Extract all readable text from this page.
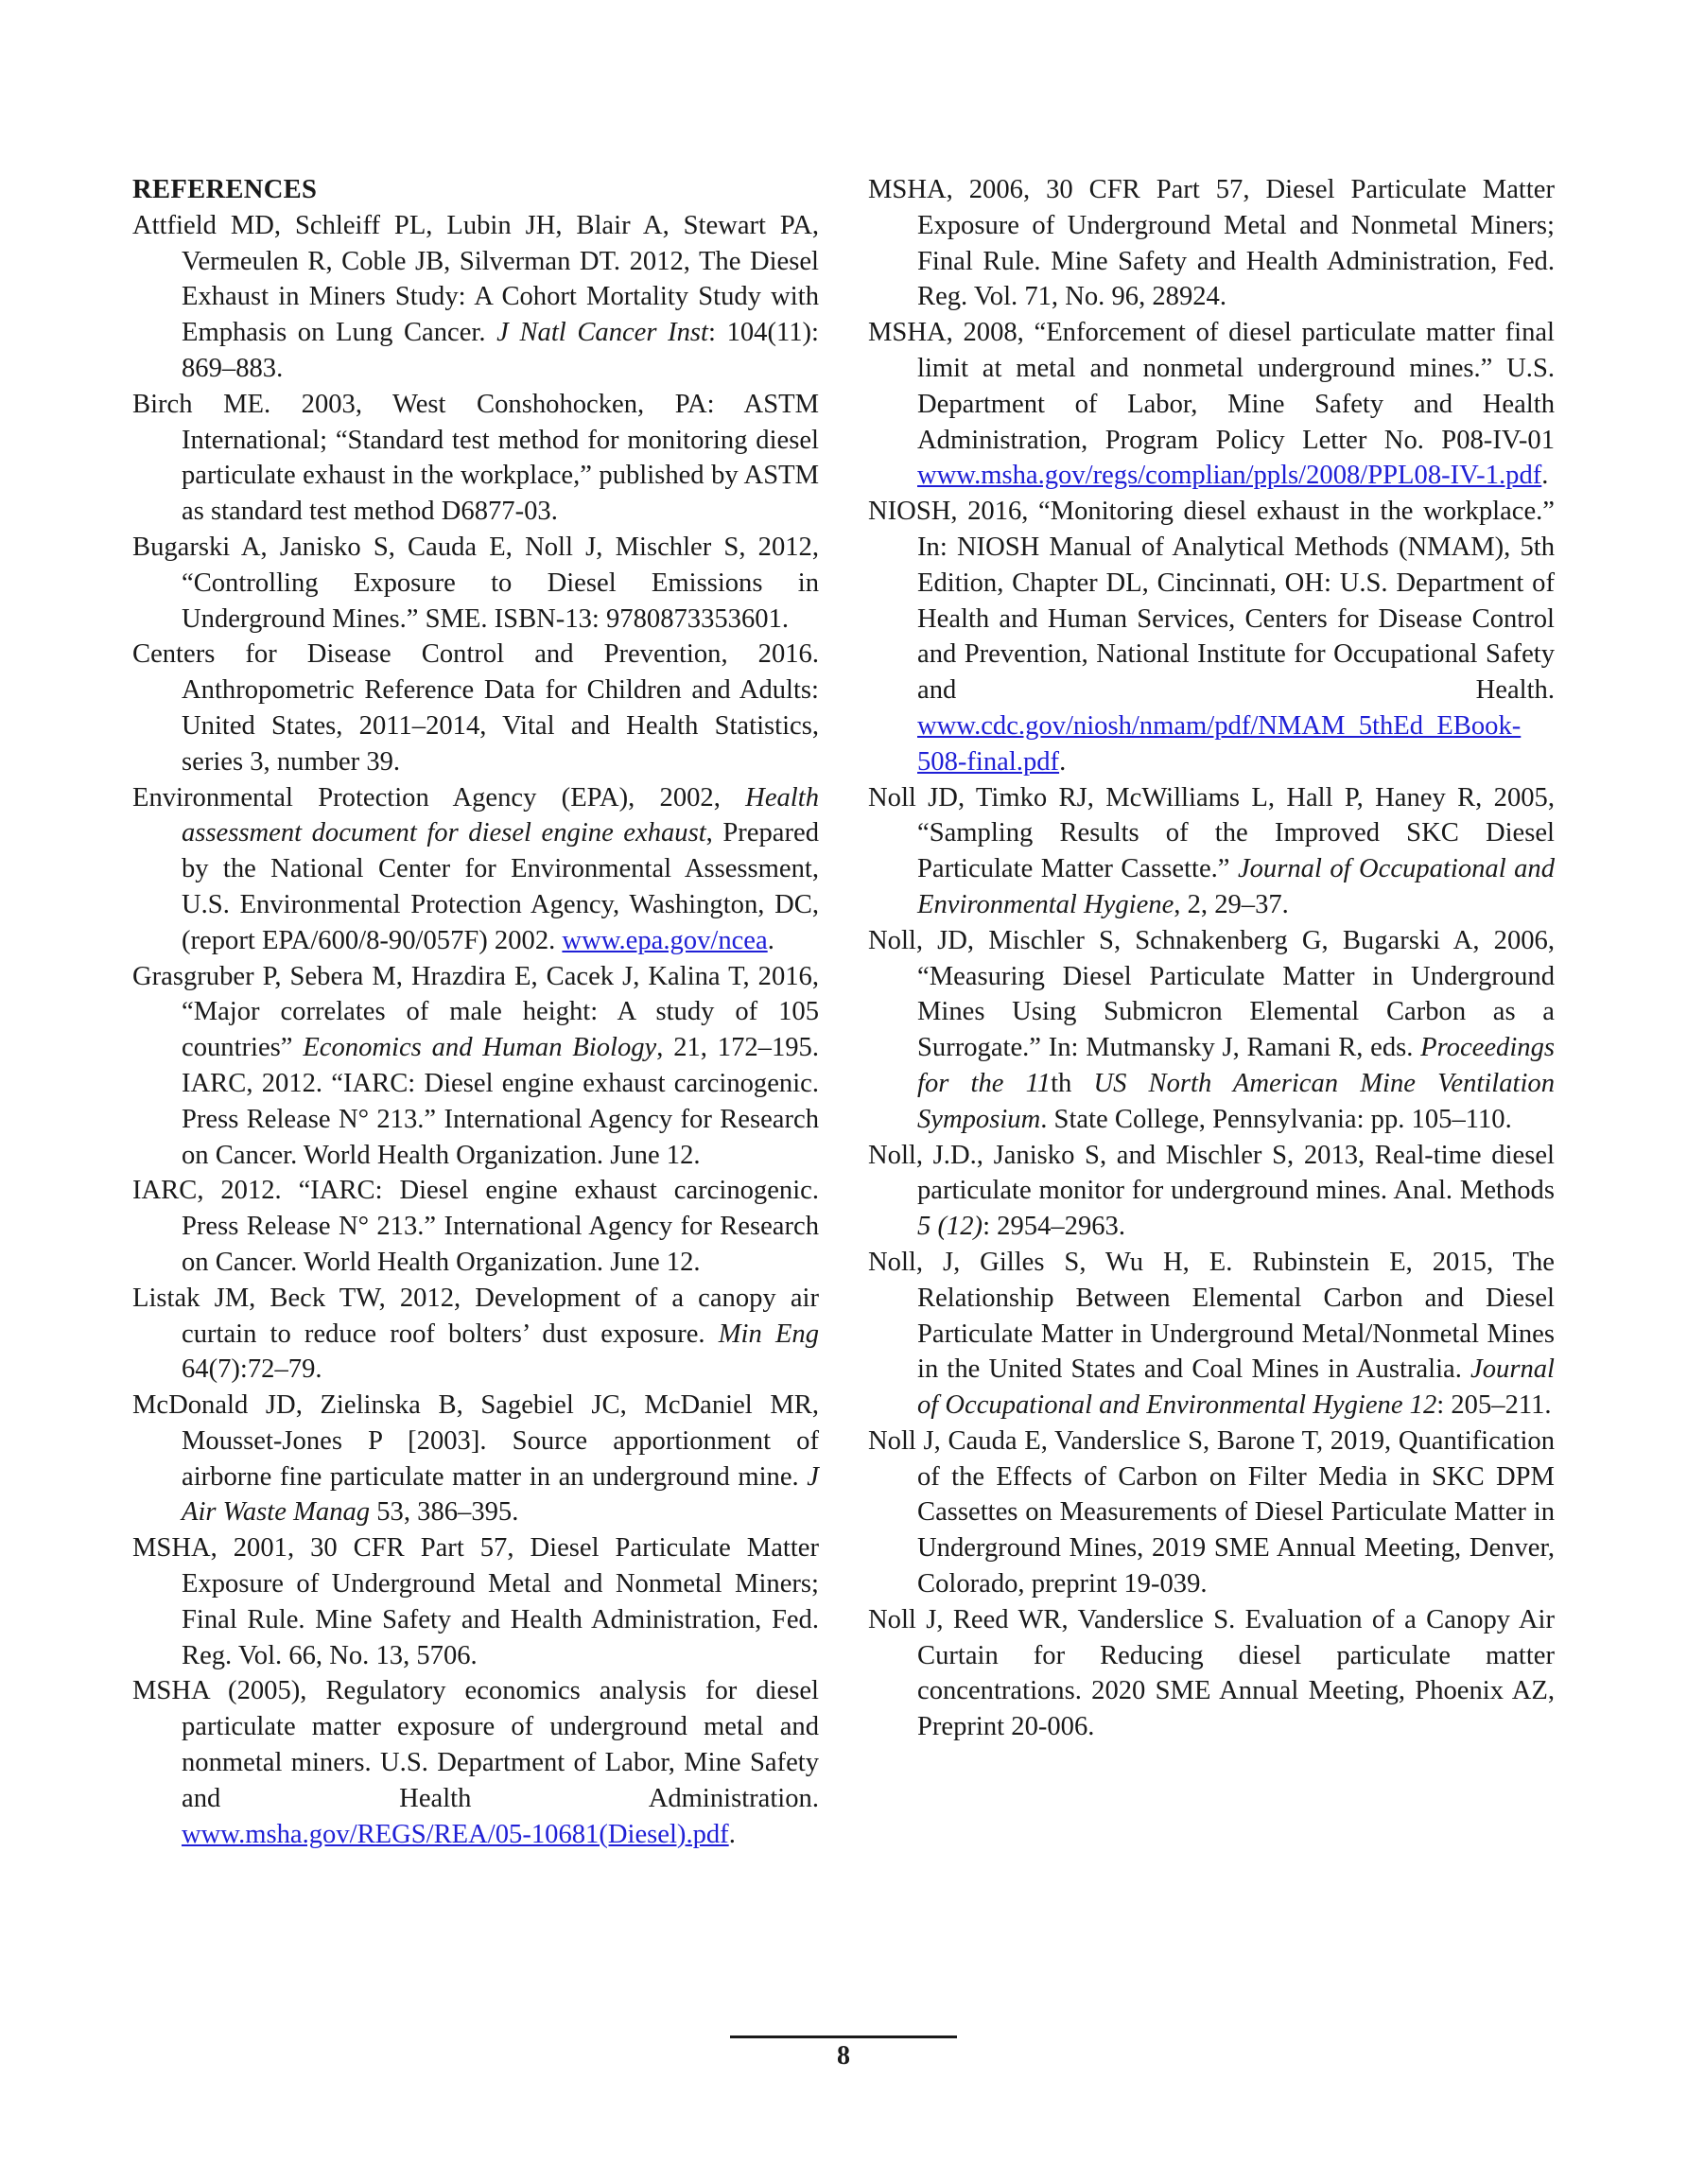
REFERENCES

Attfield MD, Schleiff PL, Lubin JH, Blair A, Stewart PA, Vermeulen R, Coble JB, Silverman DT. 2012, The Diesel Exhaust in Miners Study: A Cohort Mortality Study with Emphasis on Lung Cancer. J Natl Cancer Inst: 104(11): 869–883.

Birch ME. 2003, West Conshohocken, PA: ASTM International; “Standard test method for monitoring diesel particulate exhaust in the workplace,” published by ASTM as standard test method D6877-03.

Bugarski A, Janisko S, Cauda E, Noll J, Mischler S, 2012, “Controlling Exposure to Diesel Emissions in Underground Mines.” SME. ISBN-13: 9780873353601.

Centers for Disease Control and Prevention, 2016. Anthropometric Reference Data for Children and Adults: United States, 2011–2014, Vital and Health Statistics, series 3, number 39.

Environmental Protection Agency (EPA), 2002, Health assessment document for diesel engine exhaust, Prepared by the National Center for Environmental Assessment, U.S. Environmental Protection Agency, Washington, DC, (report EPA/600/8-90/057F) 2002. www.epa.gov/ncea.

Grasgruber P, Sebera M, Hrazdira E, Cacek J, Kalina T, 2016, “Major correlates of male height: A study of 105 countries” Economics and Human Biology, 21, 172–195. IARC, 2012. “IARC: Diesel engine exhaust carcinogenic. Press Release N° 213.” International Agency for Research on Cancer. World Health Organization. June 12.

IARC, 2012. “IARC: Diesel engine exhaust carcinogenic. Press Release N° 213.” International Agency for Research on Cancer. World Health Organization. June 12.

Listak JM, Beck TW, 2012, Development of a canopy air curtain to reduce roof bolters’ dust exposure. Min Eng 64(7):72–79.

McDonald JD, Zielinska B, Sagebiel JC, McDaniel MR, Mousset-Jones P [2003]. Source apportionment of airborne fine particulate matter in an underground mine. J Air Waste Manag 53, 386–395.

MSHA, 2001, 30 CFR Part 57, Diesel Particulate Matter Exposure of Underground Metal and Nonmetal Miners; Final Rule. Mine Safety and Health Administration, Fed. Reg. Vol. 66, No. 13, 5706.

MSHA (2005), Regulatory economics analysis for diesel particulate matter exposure of underground metal and nonmetal miners. U.S. Department of Labor, Mine Safety and Health Administration. www.msha.gov/REGS/REA/05-10681(Diesel).pdf.

MSHA, 2006, 30 CFR Part 57, Diesel Particulate Matter Exposure of Underground Metal and Nonmetal Miners; Final Rule. Mine Safety and Health Administration, Fed. Reg. Vol. 71, No. 96, 28924.

MSHA, 2008, “Enforcement of diesel particulate matter final limit at metal and nonmetal underground mines.” U.S. Department of Labor, Mine Safety and Health Administration, Program Policy Letter No. P08-IV-01 www.msha.gov/regs/complian/ppls/2008/PPL08-IV-1.pdf.

NIOSH, 2016, “Monitoring diesel exhaust in the workplace.” In: NIOSH Manual of Analytical Methods (NMAM), 5th Edition, Chapter DL, Cincinnati, OH: U.S. Department of Health and Human Services, Centers for Disease Control and Prevention, National Institute for Occupational Safety and Health. www.cdc.gov/niosh/nmam/pdf/NMAM_5thEd_EBook-508-final.pdf.

Noll JD, Timko RJ, McWilliams L, Hall P, Haney R, 2005, “Sampling Results of the Improved SKC Diesel Particulate Matter Cassette.” Journal of Occupational and Environmental Hygiene, 2, 29–37.

Noll, JD, Mischler S, Schnakenberg G, Bugarski A, 2006, “Measuring Diesel Particulate Matter in Underground Mines Using Submicron Elemental Carbon as a Surrogate.” In: Mutmansky J, Ramani R, eds. Proceedings for the 11th US North American Mine Ventilation Symposium. State College, Pennsylvania: pp. 105–110.

Noll, J.D., Janisko S, and Mischler S, 2013, Real-time diesel particulate monitor for underground mines. Anal. Methods 5 (12): 2954–2963.

Noll, J, Gilles S, Wu H, E. Rubinstein E, 2015, The Relationship Between Elemental Carbon and Diesel Particulate Matter in Underground Metal/Nonmetal Mines in the United States and Coal Mines in Australia. Journal of Occupational and Environmental Hygiene 12: 205–211.

Noll J, Cauda E, Vanderslice S, Barone T, 2019, Quantification of the Effects of Carbon on Filter Media in SKC DPM Cassettes on Measurements of Diesel Particulate Matter in Underground Mines, 2019 SME Annual Meeting, Denver, Colorado, preprint 19-039.

Noll J, Reed WR, Vanderslice S. Evaluation of a Canopy Air Curtain for Reducing diesel particulate matter concentrations. 2020 SME Annual Meeting, Phoenix AZ, Preprint 20-006.

8
